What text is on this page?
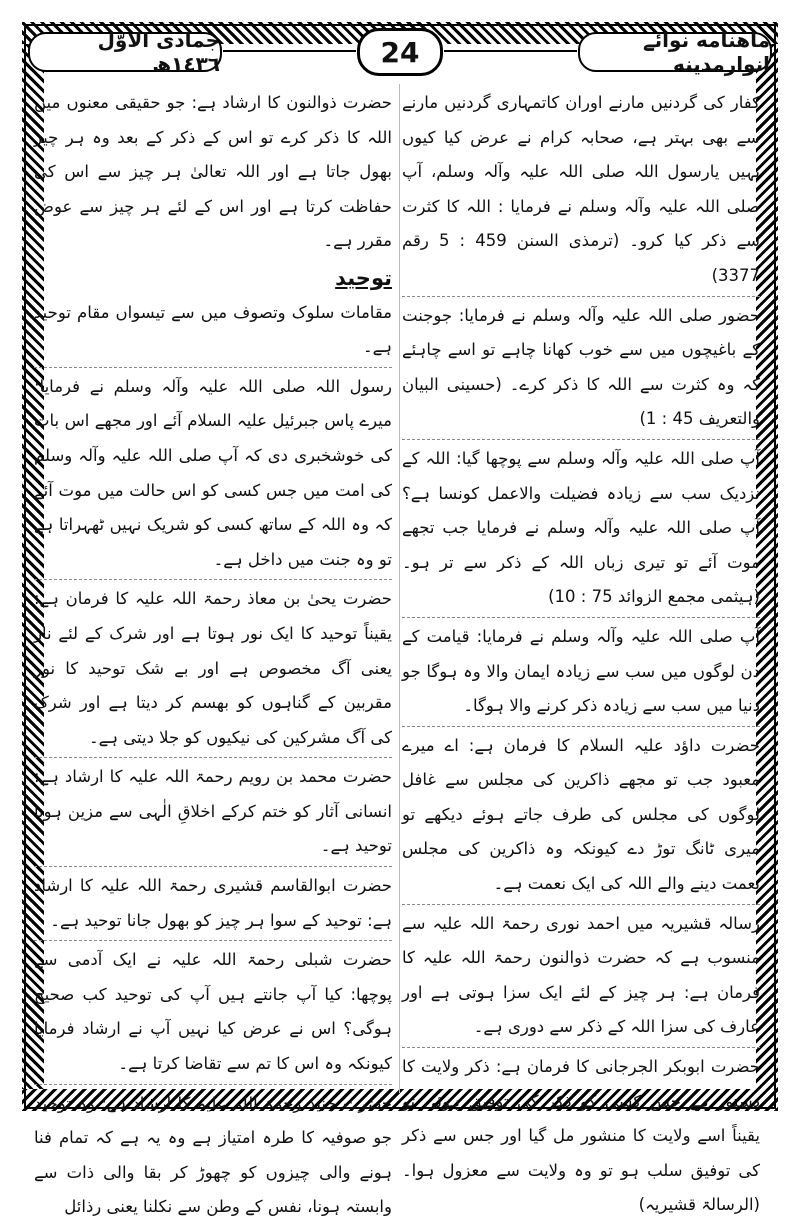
ماهنامه نوائے انوارمدینه
24
جمادی الاوّل ١٤٣٦ھ

کفار کی گردنیں مارنے اوران کاتمہاری گردنیں مارنے سے بھی بہتر ہے، صحابہ کرام نے عرض کیا کیوں نہیں یارسول اللہ صلی اللہ علیہ وآلہ وسلم، آپ صلی اللہ علیہ وآلہ وسلم نے فرمایا : اللہ کا کثرت سے ذکر کیا کرو۔ (ترمذی السنن 459 : 5 رقم 3377)

حضور صلی اللہ علیہ وآلہ وسلم نے فرمایا: جوجنت کے باغیچوں میں سے خوب کھانا چاہے تو اسے چاہئے کہ وہ کثرت سے اللہ کا ذکر کرے۔ (حسینی البیان والتعریف 45 : 1)

آپ صلی اللہ علیہ وآلہ وسلم سے پوچھا گیا: اللہ کے نزدیک سب سے زیادہ فضیلت والاعمل کونسا ہے؟ آپ صلی اللہ علیہ وآلہ وسلم نے فرمایا جب تجھے موت آئے تو تیری زباں اللہ کے ذکر سے تر ہو۔ (ہیثمی مجمع الزوائد 75 : 10)

آپ صلی اللہ علیہ وآلہ وسلم نے فرمایا: قیامت کے دن لوگوں میں سب سے زیادہ ایمان والا وہ ہوگا جو دنیا میں سب سے زیادہ ذکر کرنے والا ہوگا۔

حضرت داؤد علیہ السلام کا فرمان ہے: اے میرے معبود جب تو مجھے ذاکرین کی مجلس سے غافل لوگوں کی مجلس کی طرف جاتے ہوئے دیکھے تو میری ٹانگ توڑ دے کیونکہ وہ ذاکرین کی مجلس نعمت دینے والے اللہ کی ایک نعمت ہے۔

رسالہ قشیریہ میں احمد نوری رحمۃ اللہ علیہ سے منسوب ہے کہ حضرت ذوالنون رحمۃ اللہ علیہ کا فرمان ہے: ہر چیز کے لئے ایک سزا ہوتی ہے اور عارف کی سزا اللہ کے ذکر سے دوری ہے۔

حضرت ابوبکر الجرجانی کا فرمان ہے: ذکر ولایت کا دستور ہے جس کسی کو ذکر کی توفیق ہوئی تو یقیناً اسے ولایت کا منشور مل گیا اور جس سے ذکر کی توفیق سلب ہو تو وہ ولایت سے معزول ہوا۔ (الرسالۃ قشیریہ)

حضرت ذوالنون کا ارشاد ہے: جو حقیقی معنوں میں اللہ کا ذکر کرے تو اس کے ذکر کے بعد وہ ہر چیز بھول جاتا ہے اور اللہ تعالیٰ ہر چیز سے اس کی حفاظت کرتا ہے اور اس کے لئے ہر چیز سے عوض مقرر ہے۔

توحید

مقامات سلوک وتصوف میں سے تیسواں مقام توحید ہے۔

رسول اللہ صلی اللہ علیہ وآلہ وسلم نے فرمایا: میرے پاس جبرئیل علیہ السلام آئے اور مجھے اس بات کی خوشخبری دی کہ آپ صلی اللہ علیہ وآلہ وسلم کی امت میں جس کسی کو اس حالت میں موت آئے کہ وہ اللہ کے ساتھ کسی کو شریک نہیں ٹھہراتا ہے تو وہ جنت میں داخل ہے۔

حضرت یحیٰ بن معاذ رحمۃ اللہ علیہ کا فرمان ہے: یقیناً توحید کا ایک نور ہوتا ہے اور شرک کے لئے نار یعنی آگ مخصوص ہے اور بے شک توحید کا نور مقربین کے گناہوں کو بھسم کر دیتا ہے اور شرک کی آگ مشرکین کی نیکیوں کو جلا دیتی ہے۔

حضرت محمد بن رویم رحمۃ اللہ علیہ کا ارشاد ہے: انسانی آثار کو ختم کرکے اخلاقِ الٰہی سے مزین ہونا توحید ہے۔

حضرت ابوالقاسم قشیری رحمۃ اللہ علیہ کا ارشاد ہے: توحید کے سوا ہر چیز کو بھول جانا توحید ہے۔

حضرت شبلی رحمۃ اللہ علیہ نے ایک آدمی سے پوچھا: کیا آپ جانتے ہیں آپ کی توحید کب صحیح ہوگی؟ اس نے عرض کیا نہیں آپ نے ارشاد فرمایا کیونکہ وہ اس کا تم سے تقاضا کرتا ہے۔

حضرت جنید رحمۃ اللہ علیہ کا ارشاد ہے: وہ توحید جو صوفیہ کا طرہ امتیاز ہے وہ یہ ہے کہ تمام فنا ہونے والی چیزوں کو چھوڑ کر بقا والی ذات سے وابستہ ہونا، نفس کے وطن سے نکلنا یعنی رذائل
